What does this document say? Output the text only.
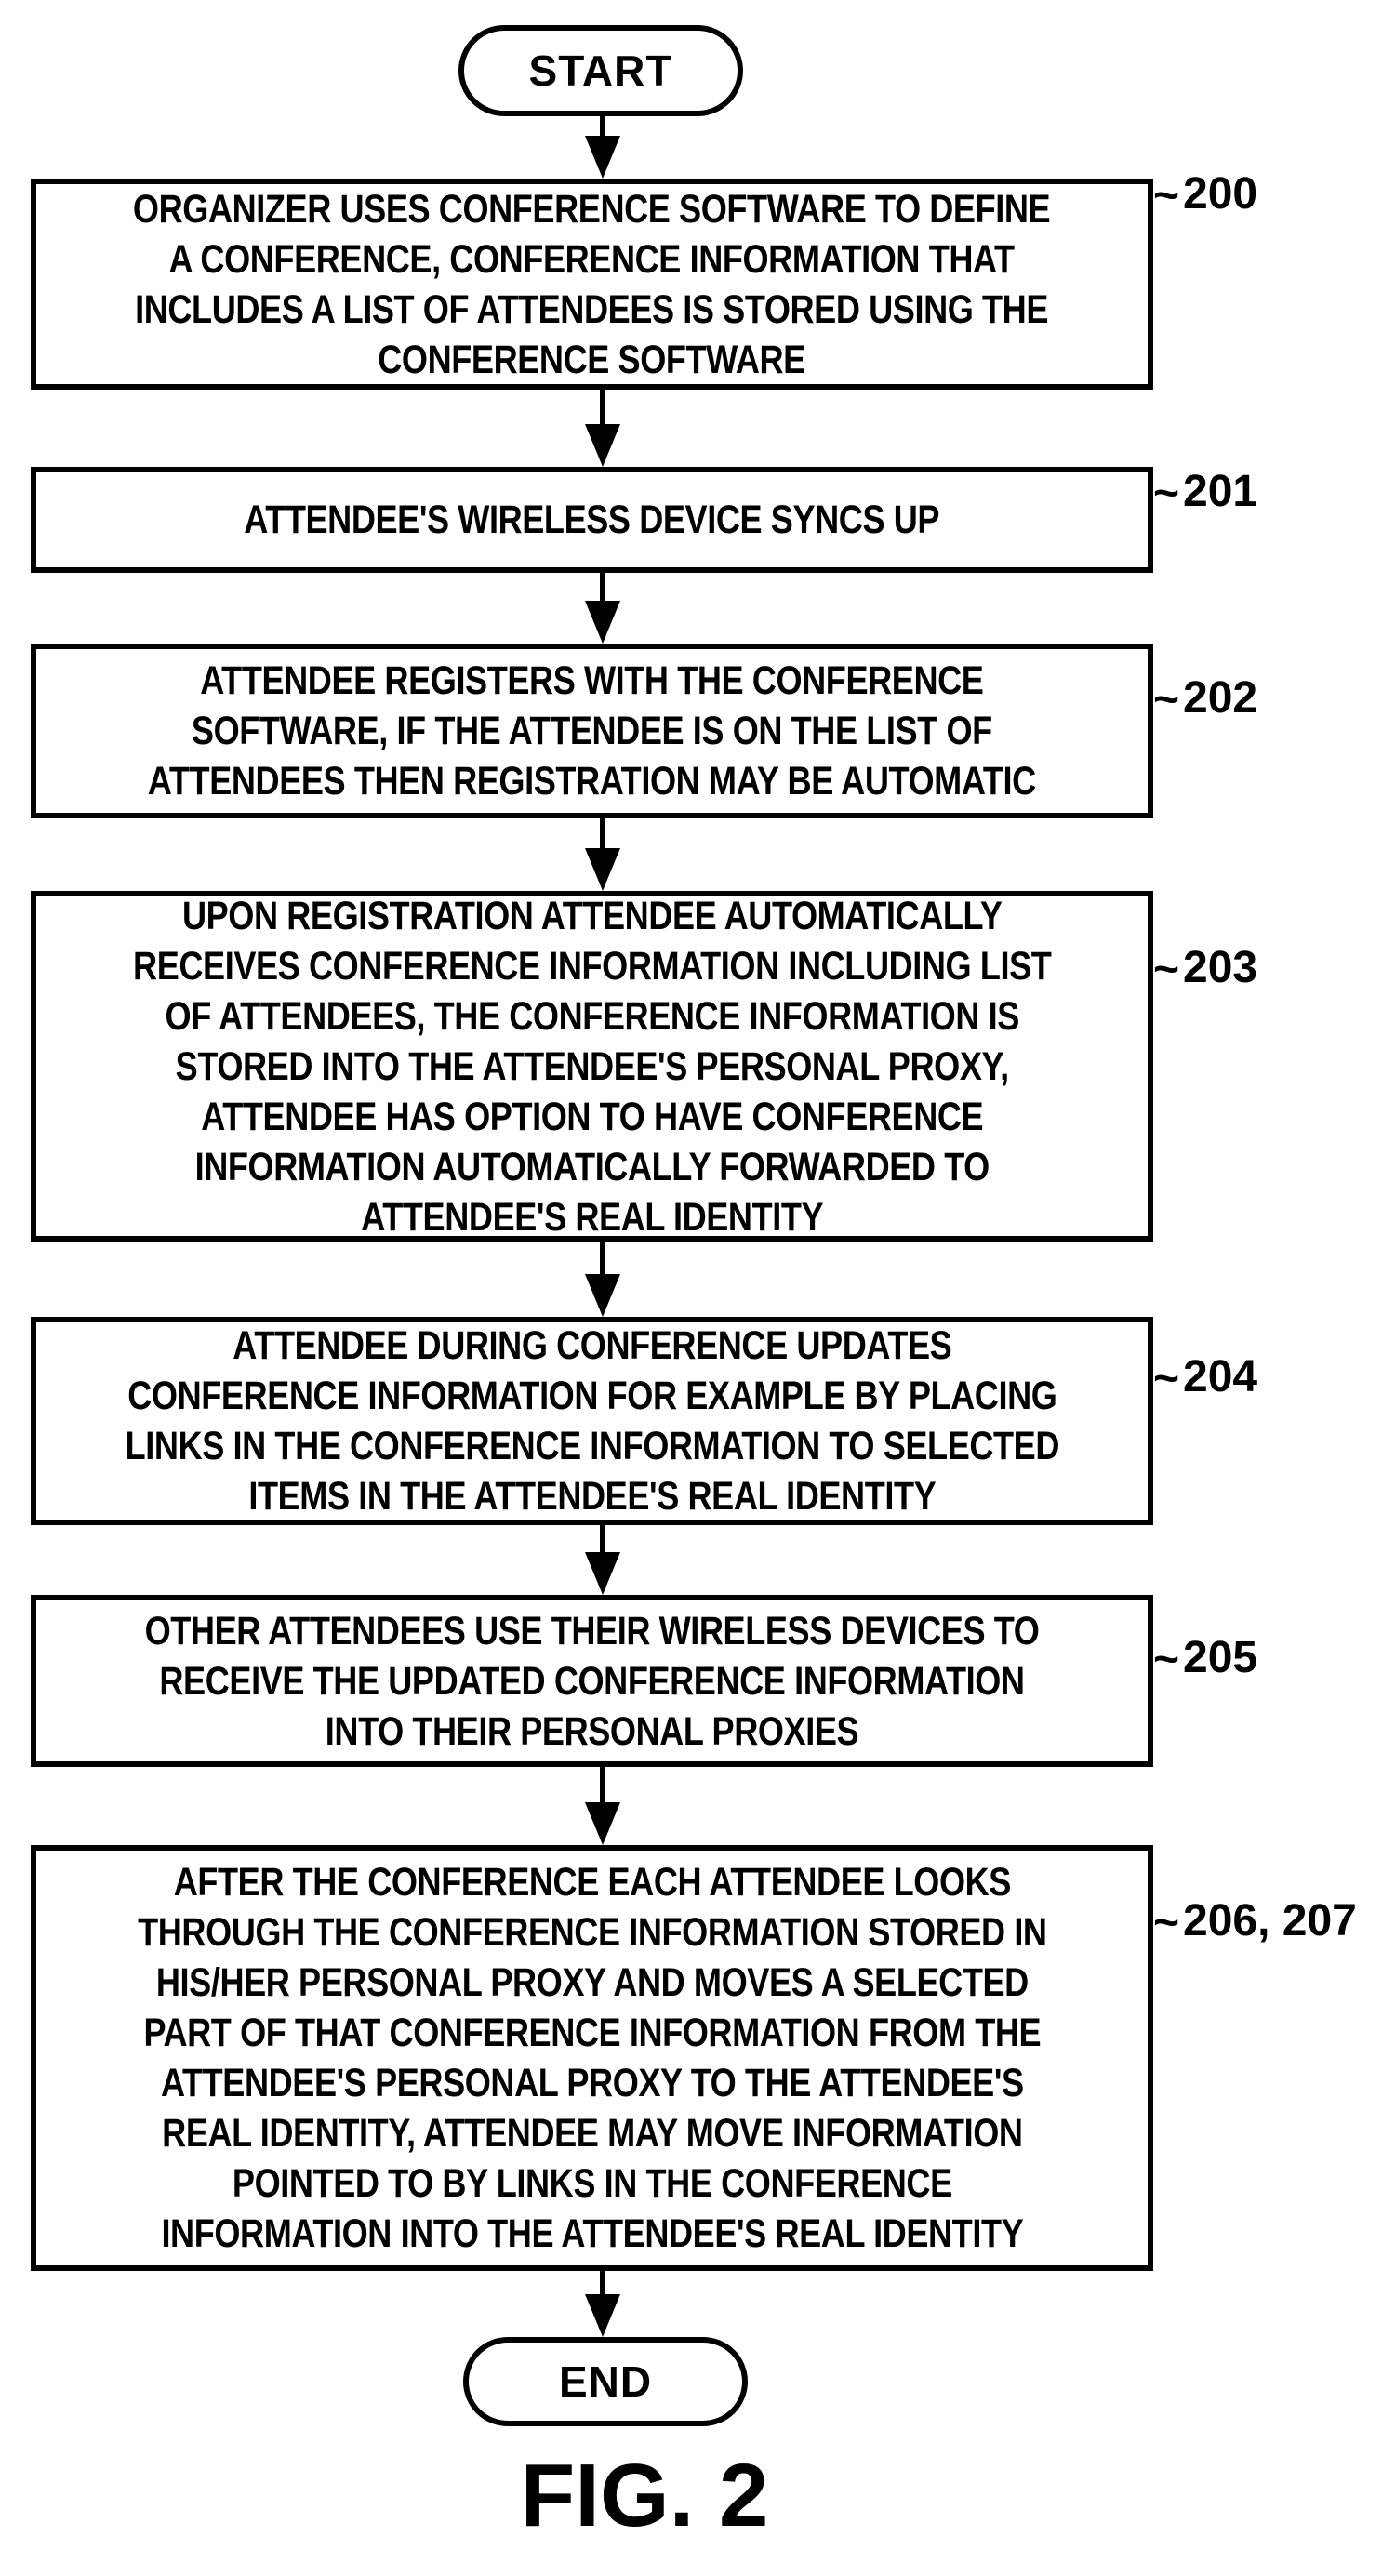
START
ORGANIZER USES CONFERENCE SOFTWARE TO DEFINE
A CONFERENCE, CONFERENCE INFORMATION THAT
INCLUDES A LIST OF ATTENDEES IS STORED USING THE
CONFERENCE SOFTWARE
ATTENDEE'S WIRELESS DEVICE SYNCS UP
ATTENDEE REGISTERS WITH THE CONFERENCE
SOFTWARE, IF THE ATTENDEE IS ON THE LIST OF
ATTENDEES THEN REGISTRATION MAY BE AUTOMATIC
UPON REGISTRATION ATTENDEE AUTOMATICALLY
RECEIVES CONFERENCE INFORMATION INCLUDING LIST
OF ATTENDEES, THE CONFERENCE INFORMATION IS
STORED INTO THE ATTENDEE'S PERSONAL PROXY,
ATTENDEE HAS OPTION TO HAVE CONFERENCE
INFORMATION AUTOMATICALLY FORWARDED TO
ATTENDEE'S REAL IDENTITY
ATTENDEE DURING CONFERENCE UPDATES
CONFERENCE INFORMATION FOR EXAMPLE BY PLACING
LINKS IN THE CONFERENCE INFORMATION TO SELECTED
ITEMS IN THE ATTENDEE'S REAL IDENTITY
OTHER ATTENDEES USE THEIR WIRELESS DEVICES TO
RECEIVE THE UPDATED CONFERENCE INFORMATION
INTO THEIR PERSONAL PROXIES
AFTER THE CONFERENCE EACH ATTENDEE LOOKS
THROUGH THE CONFERENCE INFORMATION STORED IN
HIS/HER PERSONAL PROXY AND MOVES A SELECTED
PART OF THAT CONFERENCE INFORMATION FROM THE
ATTENDEE'S PERSONAL PROXY TO THE ATTENDEE'S
REAL IDENTITY, ATTENDEE MAY MOVE INFORMATION
POINTED TO BY LINKS IN THE CONFERENCE
INFORMATION INTO THE ATTENDEE'S REAL IDENTITY
~ 200
~ 201
~ 202
~ 203
~ 204
~ 205
~ 206, 207
END
FIG. 2
